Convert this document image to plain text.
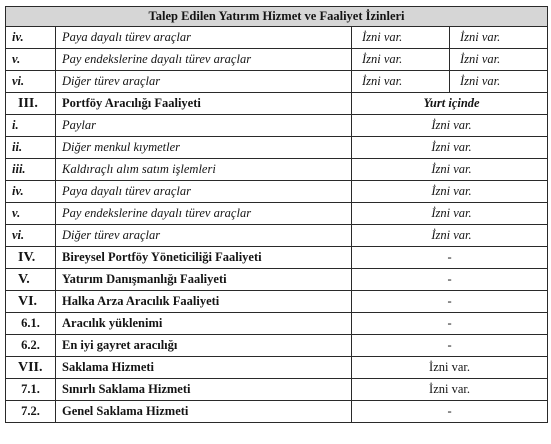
Talep Edilen Yatırım Hizmet ve Faaliyet İzinleri			
iv.	Paya dayalı türev araçlar	İzni var.	İzni var.
v.	Pay endekslerine dayalı türev araçlar	İzni var.	İzni var.
vi.	Diğer türev araçlar	İzni var.	İzni var.
III.	Portföy Aracılığı Faaliyeti	Yurt içinde	
i.	Paylar	İzni var.	
ii.	Diğer menkul kıymetler	İzni var.	
iii.	Kaldıraçlı alım satım işlemleri	İzni var.	
iv.	Paya dayalı türev araçlar	İzni var.	
v.	Pay endekslerine dayalı türev araçlar	İzni var.	
vi.	Diğer türev araçlar	İzni var.	
IV.	Bireysel Portföy Yöneticiliği Faaliyeti	-	
V.	Yatırım Danışmanlığı Faaliyeti	-	
VI.	Halka Arza Aracılık Faaliyeti	-	
6.1.	Aracılık yüklenimi	-	
6.2.	En iyi gayret aracılığı	-	
VII.	Saklama Hizmeti	İzni var.	
7.1.	Sınırlı Saklama Hizmeti	İzni var.	
7.2.	Genel Saklama Hizmeti	-	
